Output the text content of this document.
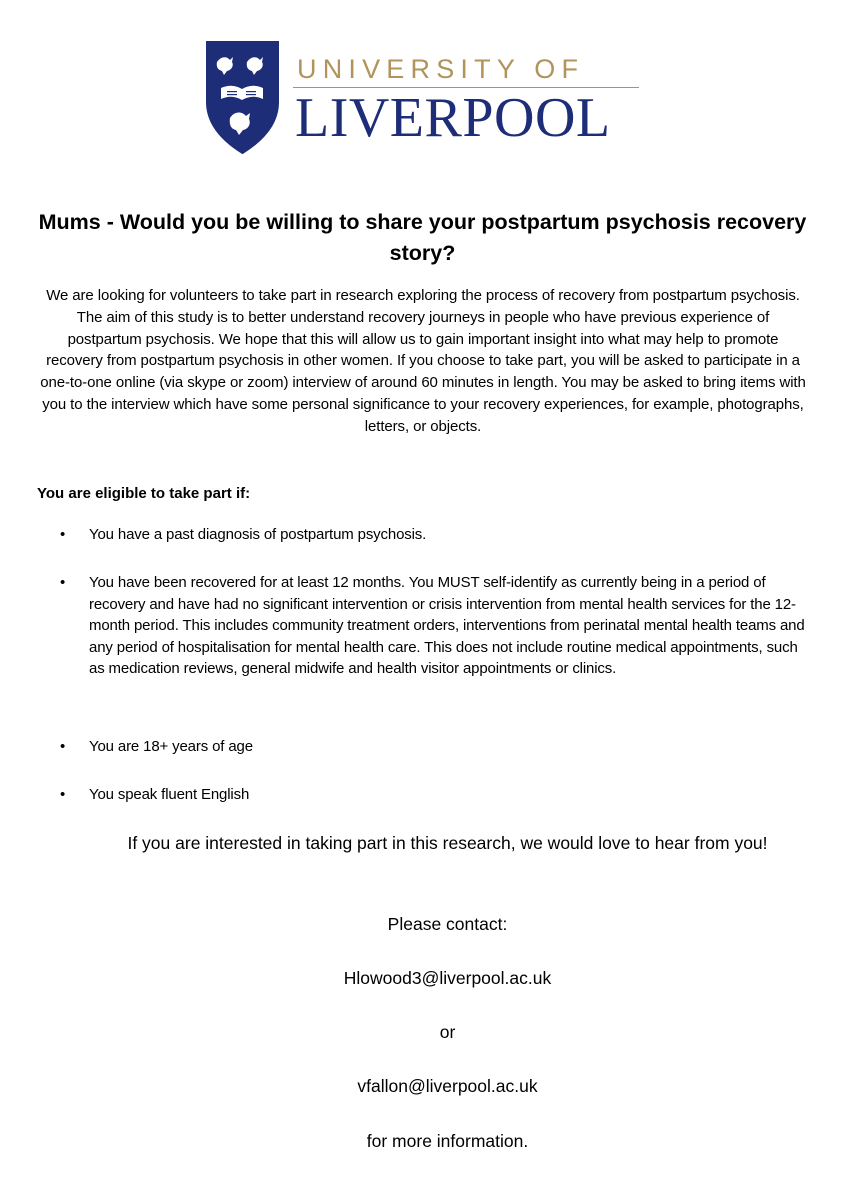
UNIVERSITY OF
LIVERPOOL
Mums - Would you be willing to share your postpartum psychosis recovery story?

We are looking for volunteers to take part in research exploring the process of recovery from postpartum psychosis. The aim of this study is to better understand recovery journeys in people who have previous experience of postpartum psychosis. We hope that this will allow us to gain important insight into what may help to promote recovery from postpartum psychosis in other women. If you choose to take part, you will be asked to participate in a one-to-one online (via skype or zoom) interview of around 60 minutes in length. You may be asked to bring items with you to the interview which have some personal significance to your recovery experiences, for example, photographs, letters, or objects.

You are eligible to take part if:

• You have a past diagnosis of postpartum psychosis.
• You have been recovered for at least 12 months. You MUST self-identify as currently being in a period of recovery and have had no significant intervention or crisis intervention from mental health services for the 12-month period. This includes community treatment orders, interventions from perinatal mental health teams and any period of hospitalisation for mental health care. This does not include routine medical appointments, such as medication reviews, general midwife and health visitor appointments or clinics.
• You are 18+ years of age
• You speak fluent English

If you are interested in taking part in this research, we would love to hear from you!

Please contact:

Hlowood3@liverpool.ac.uk

or

vfallon@liverpool.ac.uk

for more information.
